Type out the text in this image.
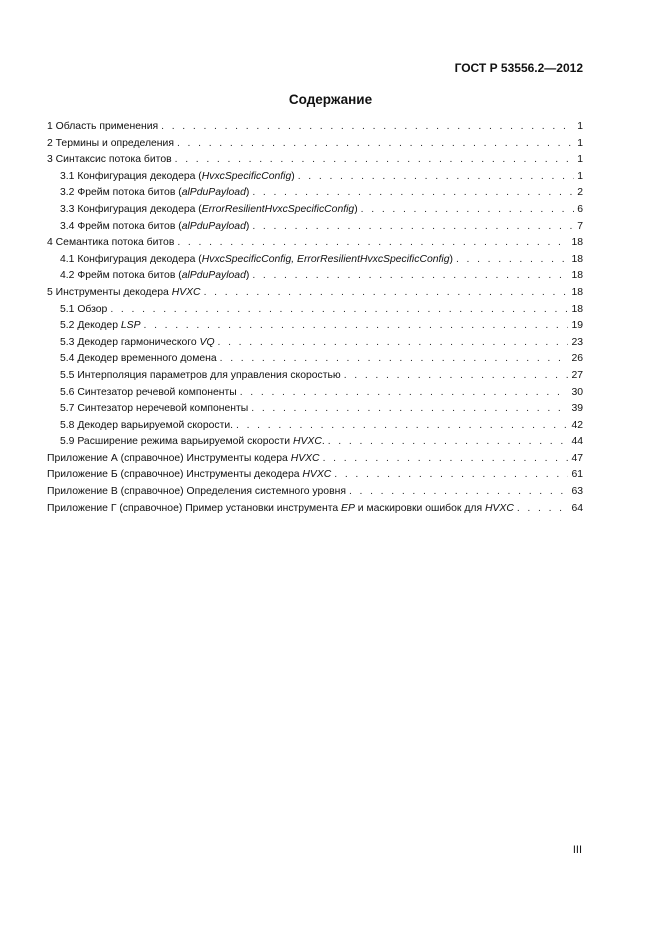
ГОСТ Р 53556.2—2012
Содержание
1 Область применения . . .	1
2 Термины и определения . . .	1
3 Синтаксис потока битов . . .	1
3.1 Конфигурация декодера (HvxcSpecificConfig) . . .	1
3.2 Фрейм потока битов (alPduPayload) . . .	2
3.3 Конфигурация декодера (ErrorResilientHvxcSpecificConfig) . . .	6
3.4 Фрейм потока битов (alPduPayload) . . .	7
4 Семантика потока битов . . .	18
4.1 Конфигурация декодера (HvxcSpecificConfig, ErrorResilientHvxcSpecificConfig) . . .	18
4.2 Фрейм потока битов (alPduPayload) . . .	18
5 Инструменты декодера HVXC . . .	18
5.1 Обзор . . .	18
5.2 Декодер LSP . . .	19
5.3 Декодер гармонического VQ . . .	23
5.4 Декодер временного домена . . .	26
5.5 Интерполяция параметров для управления скоростью . . .	27
5.6 Синтезатор речевой компоненты . . .	30
5.7 Синтезатор неречевой компоненты . . .	39
5.8 Декодер варьируемой скорости. . . .	42
5.9 Расширение режима варьируемой скорости HVXC. . . .	44
Приложение А (справочное) Инструменты кодера HVXC . . .	47
Приложение Б (справочное) Инструменты декодера HVXC . . .	61
Приложение В (справочное) Определения системного уровня . . .	63
Приложение Г (справочное) Пример установки инструмента EP и маскировки ошибок для HVXC . . .	64
III
